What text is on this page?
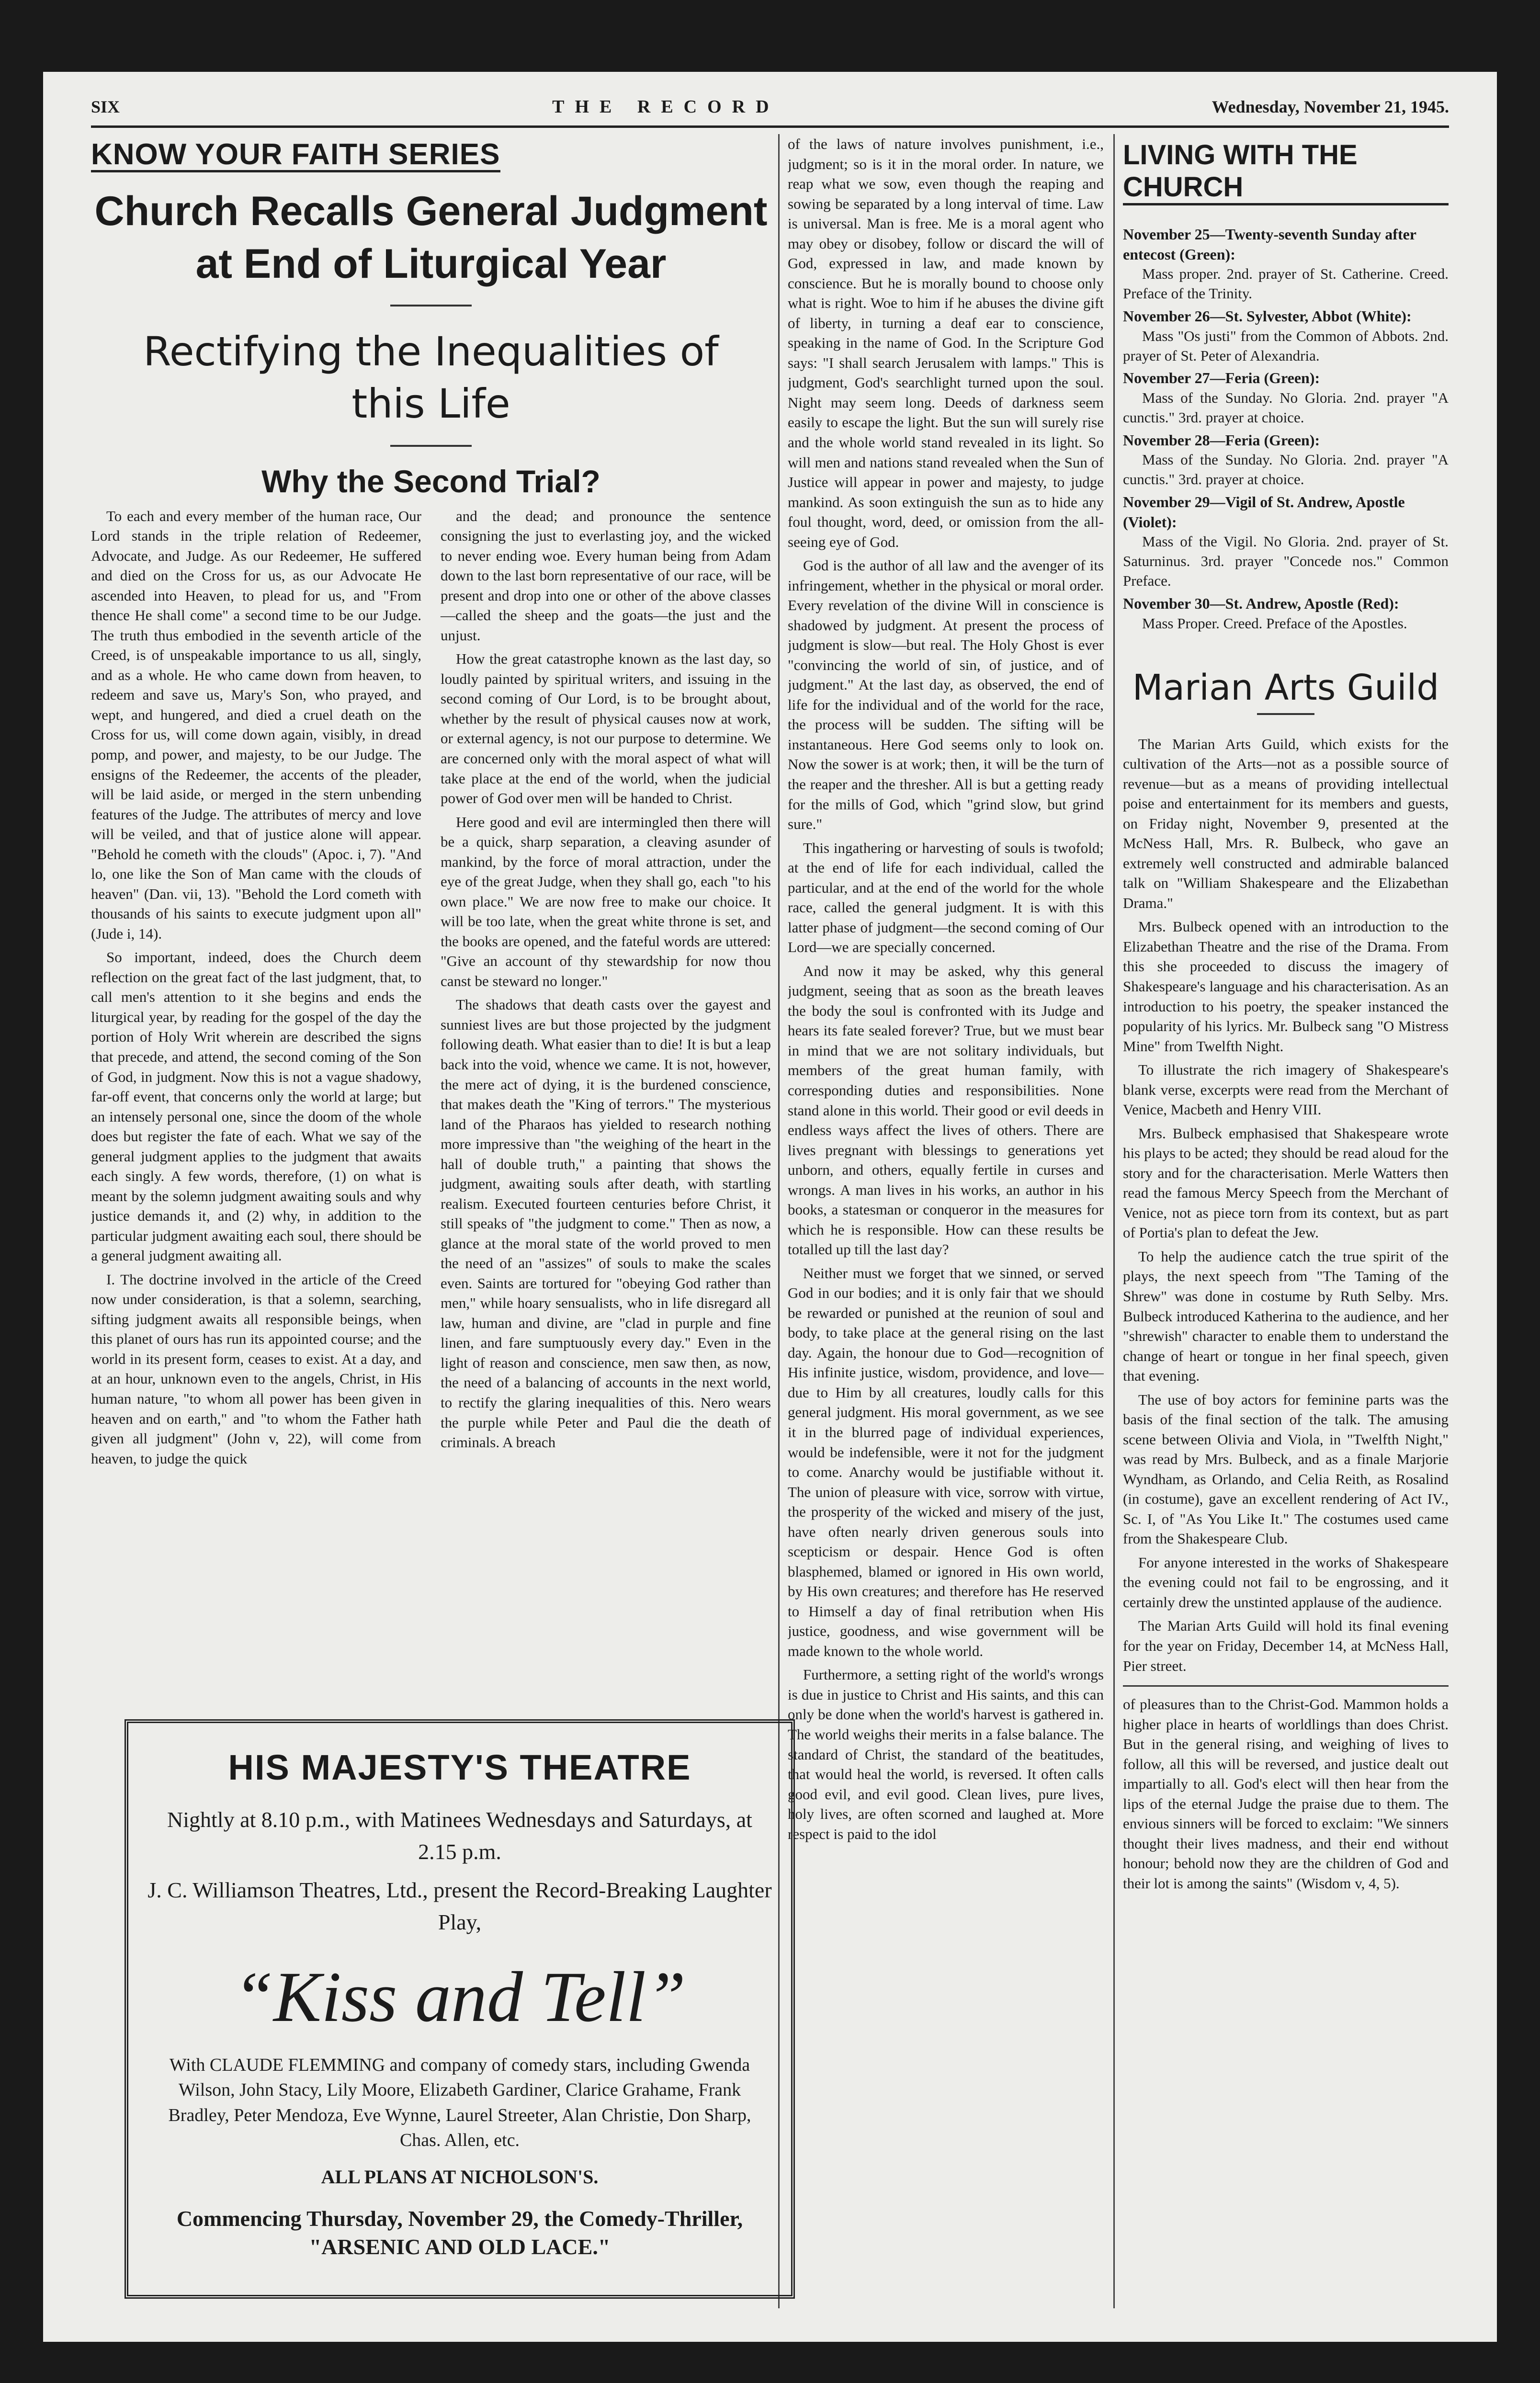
SIX	THE RECORD	Wednesday, November 21, 1945.
KNOW YOUR FAITH SERIES
Church Recalls General Judgment at End of Liturgical Year
Rectifying the Inequalities of this Life
Why the Second Trial?

To each and every member of the human race, Our Lord stands in the triple relation of Redeemer, Advocate, and Judge. As our Redeemer, He suffered and died on the Cross for us, as our Advocate He ascended into Heaven, to plead for us, and "From thence He shall come" a second time to be our Judge. The truth thus embodied in the seventh article of the Creed, is of unspeakable importance to us all, singly, and as a whole. He who came down from heaven, to redeem and save us, Mary's Son, who prayed, and wept, and hungered, and died a cruel death on the Cross for us, will come down again, visibly, in dread pomp, and power, and majesty, to be our Judge. The ensigns of the Redeemer, the accents of the pleader, will be laid aside, or merged in the stern unbending features of the Judge. The attributes of mercy and love will be veiled, and that of justice alone will appear. "Behold he cometh with the clouds" (Apoc. i, 7). "And lo, one like the Son of Man came with the clouds of heaven" (Dan. vii, 13). "Behold the Lord cometh with thousands of his saints to execute judgment upon all" (Jude i, 14).

So important, indeed, does the Church deem reflection on the great fact of the last judgment, that, to call men's attention to it she begins and ends the liturgical year, by reading for the gospel of the day the portion of Holy Writ wherein are described the signs that precede, and attend, the second coming of the Son of God, in judgment. Now this is not a vague shadowy, far-off event, that concerns only the world at large; but an intensely personal one, since the doom of the whole does but register the fate of each. What we say of the general judgment applies to the judgment that awaits each singly. A few words, therefore, (1) on what is meant by the solemn judgment awaiting souls and why justice demands it, and (2) why, in addition to the particular judgment awaiting each soul, there should be a general judgment awaiting all.

I. The doctrine involved in the article of the Creed now under consideration, is that a solemn, searching, sifting judgment awaits all responsible beings, when this planet of ours has run its appointed course; and the world in its present form, ceases to exist. At a day, and at an hour, unknown even to the angels, Christ, in His human nature, "to whom all power has been given in heaven and on earth," and "to whom the Father hath given all judgment" (John v, 22), will come from heaven, to judge the quick

and the dead; and pronounce the sentence consigning the just to everlasting joy, and the wicked to never ending woe. Every human being from Adam down to the last born representative of our race, will be present and drop into one or other of the above classes —called the sheep and the goats—the just and the unjust.

How the great catastrophe known as the last day, so loudly painted by spiritual writers, and issuing in the second coming of Our Lord, is to be brought about, whether by the result of physical causes now at work, or external agency, is not our purpose to determine. We are concerned only with the moral aspect of what will take place at the end of the world, when the judicial power of God over men will be handed to Christ.

Here good and evil are intermingled then there will be a quick, sharp separation, a cleaving asunder of mankind, by the force of moral attraction, under the eye of the great Judge, when they shall go, each "to his own place." We are now free to make our choice. It will be too late, when the great white throne is set, and the books are opened, and the fateful words are uttered: "Give an account of thy stewardship for now thou canst be steward no longer."

The shadows that death casts over the gayest and sunniest lives are but those projected by the judgment following death. What easier than to die! It is but a leap back into the void, whence we came. It is not, however, the mere act of dying, it is the burdened conscience, that makes death the "King of terrors." The mysterious land of the Pharaos has yielded to research nothing more impressive than "the weighing of the heart in the hall of double truth," a painting that shows the judgment, awaiting souls after death, with startling realism. Executed fourteen centuries before Christ, it still speaks of "the judgment to come." Then as now, a glance at the moral state of the world proved to men the need of an "assizes" of souls to make the scales even. Saints are tortured for "obeying God rather than men," while hoary sensualists, who in life disregard all law, human and divine, are "clad in purple and fine linen, and fare sumptuously every day." Even in the light of reason and conscience, men saw then, as now, the need of a balancing of accounts in the next world, to rectify the glaring inequalities of this. Nero wears the purple while Peter and Paul die the death of criminals. A breach

of the laws of nature involves punishment, i.e., judgment; so is it in the moral order. In nature, we reap what we sow, even though the reaping and sowing be separated by a long interval of time. Law is universal. Man is free. Me is a moral agent who may obey or disobey, follow or discard the will of God, expressed in law, and made known by conscience. But he is morally bound to choose only what is right. Woe to him if he abuses the divine gift of liberty, in turning a deaf ear to conscience, speaking in the name of God. In the Scripture God says: "I shall search Jerusalem with lamps." This is judgment, God's searchlight turned upon the soul. Night may seem long. Deeds of darkness seem easily to escape the light. But the sun will surely rise and the whole world stand revealed in its light. So will men and nations stand revealed when the Sun of Justice will appear in power and majesty, to judge mankind. As soon extinguish the sun as to hide any foul thought, word, deed, or omission from the all-seeing eye of God.

God is the author of all law and the avenger of its infringement, whether in the physical or moral order. Every revelation of the divine Will in conscience is shadowed by judgment. At present the process of judgment is slow—but real. The Holy Ghost is ever "convincing the world of sin, of justice, and of judgment." At the last day, as observed, the end of life for the individual and of the world for the race, the process will be sudden. The sifting will be instantaneous. Here God seems only to look on. Now the sower is at work; then, it will be the turn of the reaper and the thresher. All is but a getting ready for the mills of God, which "grind slow, but grind sure."

This ingathering or harvesting of souls is twofold; at the end of life for each individual, called the particular, and at the end of the world for the whole race, called the general judgment. It is with this latter phase of judgment—the second coming of Our Lord—we are specially concerned.

And now it may be asked, why this general judgment, seeing that as soon as the breath leaves the body the soul is confronted with its Judge and hears its fate sealed forever? True, but we must bear in mind that we are not solitary individuals, but members of the great human family, with corresponding duties and responsibilities. None stand alone in this world. Their good or evil deeds in endless ways affect the lives of others. There are lives pregnant with blessings to generations yet unborn, and others, equally fertile in curses and wrongs. A man lives in his works, an author in his books, a statesman or conqueror in the measures for which he is responsible. How can these results be totalled up till the last day?

Neither must we forget that we sinned, or served God in our bodies; and it is only fair that we should be rewarded or punished at the reunion of soul and body, to take place at the general rising on the last day. Again, the honour due to God—recognition of His infinite justice, wisdom, providence, and love—due to Him by all creatures, loudly calls for this general judgment. His moral government, as we see it in the blurred page of individual experiences, would be indefensible, were it not for the judgment to come. Anarchy would be justifiable without it. The union of pleasure with vice, sorrow with virtue, the prosperity of the wicked and misery of the just, have often nearly driven generous souls into scepticism or despair. Hence God is often blasphemed, blamed or ignored in His own world, by His own creatures; and therefore has He reserved to Himself a day of final retribution when His justice, goodness, and wise government will be made known to the whole world.

Furthermore, a setting right of the world's wrongs is due in justice to Christ and His saints, and this can only be done when the world's harvest is gathered in. The world weighs their merits in a false balance. The standard of Christ, the standard of the beatitudes, that would heal the world, is reversed. It often calls good evil, and evil good. Clean lives, pure lives, holy lives, are often scorned and laughed at. More respect is paid to the idol

LIVING WITH THE CHURCH
November 25—Twenty-seventh Sunday after entecost (Green):

Mass proper. 2nd. prayer of St. Catherine. Creed. Preface of the Trinity.

November 26—St. Sylvester, Abbot (White):

Mass "Os justi" from the Common of Abbots. 2nd. prayer of St. Peter of Alexandria.

November 27—Feria (Green):

Mass of the Sunday. No Gloria. 2nd. prayer "A cunctis." 3rd. prayer at choice.

November 28—Feria (Green):

Mass of the Sunday. No Gloria. 2nd. prayer "A cunctis." 3rd. prayer at choice.

November 29—Vigil of St. Andrew, Apostle (Violet):

Mass of the Vigil. No Gloria. 2nd. prayer of St. Saturninus. 3rd. prayer "Concede nos." Common Preface.

November 30—St. Andrew, Apostle (Red):

Mass Proper. Creed. Preface of the Apostles.

Marian Arts Guild

The Marian Arts Guild, which exists for the cultivation of the Arts—not as a possible source of revenue—but as a means of providing intellectual poise and entertainment for its members and guests, on Friday night, November 9, presented at the McNess Hall, Mrs. R. Bulbeck, who gave an extremely well constructed and admirable balanced talk on "William Shakespeare and the Elizabethan Drama."

Mrs. Bulbeck opened with an introduction to the Elizabethan Theatre and the rise of the Drama. From this she proceeded to discuss the imagery of Shakespeare's language and his characterisation. As an introduction to his poetry, the speaker instanced the popularity of his lyrics. Mr. Bulbeck sang "O Mistress Mine" from Twelfth Night.

To illustrate the rich imagery of Shakespeare's blank verse, excerpts were read from the Merchant of Venice, Macbeth and Henry VIII.

Mrs. Bulbeck emphasised that Shakespeare wrote his plays to be acted; they should be read aloud for the story and for the characterisation. Merle Watters then read the famous Mercy Speech from the Merchant of Venice, not as piece torn from its context, but as part of Portia's plan to defeat the Jew.

To help the audience catch the true spirit of the plays, the next speech from "The Taming of the Shrew" was done in costume by Ruth Selby. Mrs. Bulbeck introduced Katherina to the audience, and her "shrewish" character to enable them to understand the change of heart or tongue in her final speech, given that evening.

The use of boy actors for feminine parts was the basis of the final section of the talk. The amusing scene between Olivia and Viola, in "Twelfth Night," was read by Mrs. Bulbeck, and as a finale Marjorie Wyndham, as Orlando, and Celia Reith, as Rosalind (in costume), gave an excellent rendering of Act IV., Sc. I, of "As You Like It." The costumes used came from the Shakespeare Club.

For anyone interested in the works of Shakespeare the evening could not fail to be engrossing, and it certainly drew the unstinted applause of the audience.

The Marian Arts Guild will hold its final evening for the year on Friday, December 14, at McNess Hall, Pier street.

of pleasures than to the Christ-God. Mammon holds a higher place in hearts of worldlings than does Christ. But in the general rising, and weighing of lives to follow, all this will be reversed, and justice dealt out impartially to all. God's elect will then hear from the lips of the eternal Judge the praise due to them. The envious sinners will be forced to exclaim: "We sinners thought their lives madness, and their end without honour; behold now they are the children of God and their lot is among the saints" (Wisdom v, 4, 5).

HIS MAJESTY'S THEATRE
Nightly at 8.10 p.m., with Matinees Wednesdays and Saturdays, at 2.15 p.m.
J. C. Williamson Theatres, Ltd., present the Record-Breaking Laughter Play,
“Kiss and Tell”
With CLAUDE FLEMMING and company of comedy stars, including Gwenda Wilson, John Stacy, Lily Moore, Elizabeth Gardiner, Clarice Grahame, Frank Bradley, Peter Mendoza, Eve Wynne, Laurel Streeter, Alan Christie, Don Sharp, Chas. Allen, etc.
ALL PLANS AT NICHOLSON'S.
Commencing Thursday, November 29, the Comedy-Thriller, "ARSENIC AND OLD LACE."
